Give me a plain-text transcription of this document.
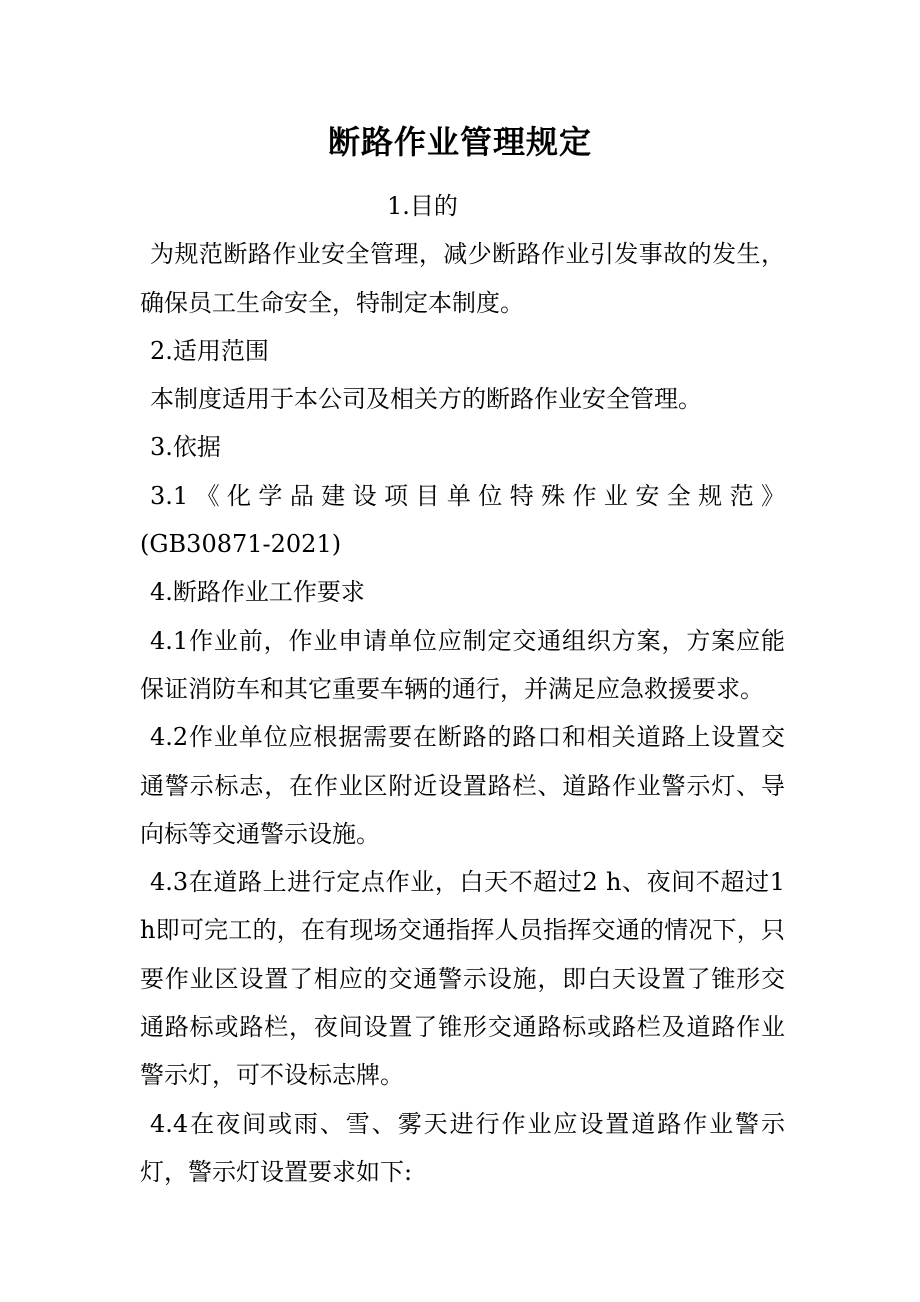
断路作业管理规定

1.目的

为规范断路作业安全管理，减少断路作业引发事故的发生，确保员工生命安全，特制定本制度。

2.适用范围

本制度适用于本公司及相关方的断路作业安全管理。

3.依据

3.1《化学品建设项目单位特殊作业安全规范》

(GB30871-2021)

4.断路作业工作要求

4.1作业前，作业申请单位应制定交通组织方案，方案应能保证消防车和其它重要车辆的通行，并满足应急救援要求。

4.2作业单位应根据需要在断路的路口和相关道路上设置交通警示标志，在作业区附近设置路栏、道路作业警示灯、导向标等交通警示设施。

4.3在道路上进行定点作业，白天不超过2 h、夜间不超过1 h即可完工的，在有现场交通指挥人员指挥交通的情况下，只要作业区设置了相应的交通警示设施，即白天设置了锥形交通路标或路栏，夜间设置了锥形交通路标或路栏及道路作业警示灯，可不设标志牌。

4.4在夜间或雨、雪、雾天进行作业应设置道路作业警示灯，警示灯设置要求如下:
